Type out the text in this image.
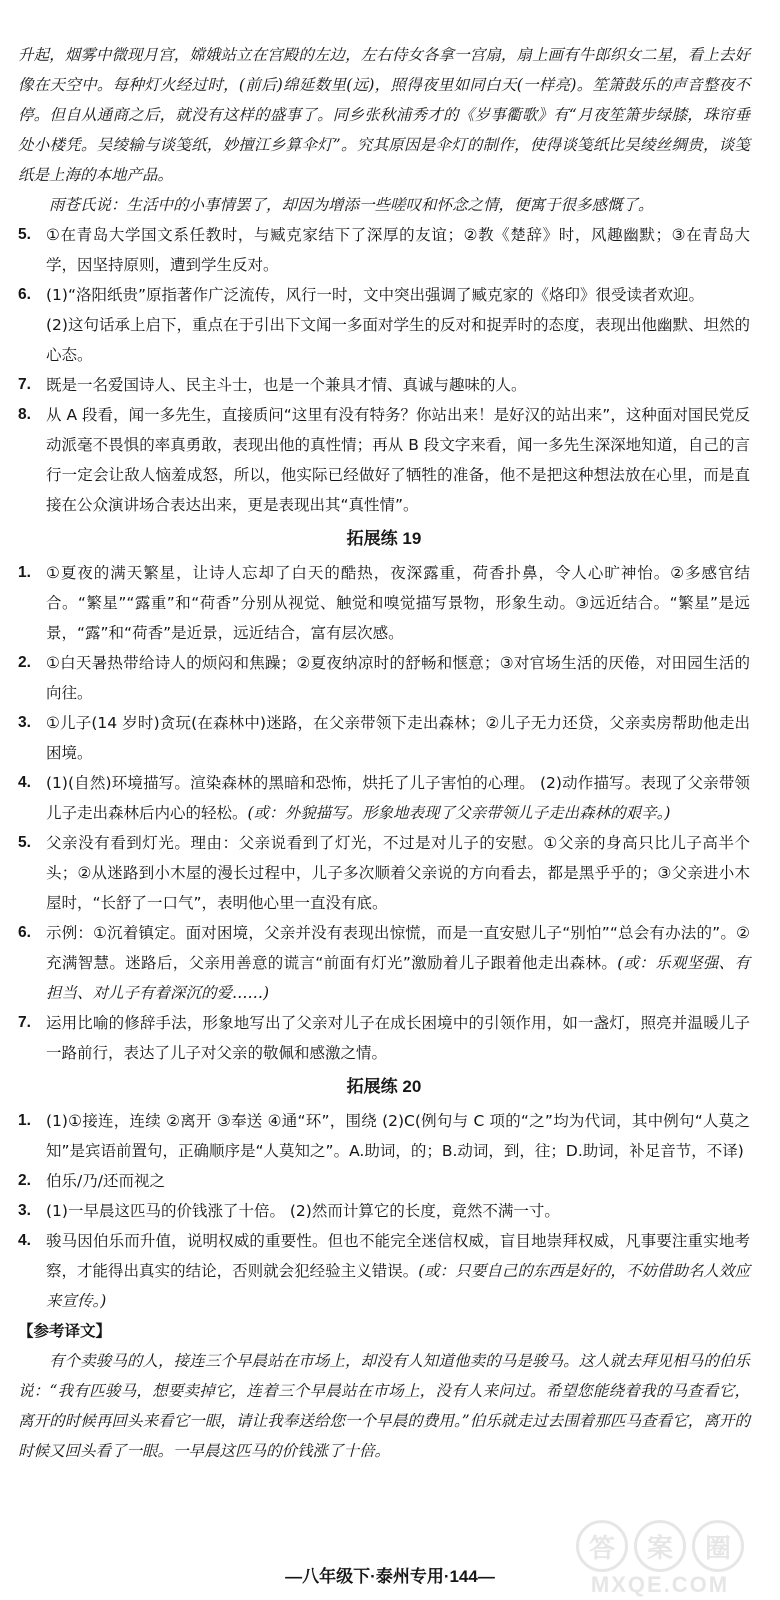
升起，烟雾中微现月宫，嫦娥站立在宫殿的左边，左右侍女各拿一宫扇，扇上画有牛郎织女二星，看上去好像在天空中。每种灯火经过时，(前后)绵延数里(远)，照得夜里如同白天(一样亮)。笙箫鼓乐的声音整夜不停。但自从通商之后，就没有这样的盛事了。同乡张秋浦秀才的《岁事衢歌》有“月夜笙箫步绿膝，珠帘垂处小楼凭。吴绫输与谈笺纸，妙擅江乡算伞灯”。究其原因是伞灯的制作，使得谈笺纸比吴绫丝绸贵，谈笺纸是上海的本地产品。

雨苍氏说：生活中的小事情罢了，却因为增添一些嗟叹和怀念之情，便寓于很多感慨了。

5. ①在青岛大学国文系任教时，与臧克家结下了深厚的友谊；②教《楚辞》时，风趣幽默；③在青岛大学，因坚持原则，遭到学生反对。
6. (1)“洛阳纸贵”原指著作广泛流传，风行一时，文中突出强调了臧克家的《烙印》很受读者欢迎。
(2)这句话承上启下，重点在于引出下文闻一多面对学生的反对和捉弄时的态度，表现出他幽默、坦然的心态。
7. 既是一名爱国诗人、民主斗士，也是一个兼具才情、真诚与趣味的人。
8. 从 A 段看，闻一多先生，直接质问“这里有没有特务？你站出来！是好汉的站出来”，这种面对国民党反动派毫不畏惧的率真勇敢，表现出他的真性情；再从 B 段文字来看，闻一多先生深深地知道，自己的言行一定会让敌人恼羞成怒，所以，他实际已经做好了牺牲的准备，他不是把这种想法放在心里，而是直接在公众演讲场合表达出来，更是表现出其“真性情”。
拓展练 19
1. ①夏夜的满天繁星，让诗人忘却了白天的酷热，夜深露重，荷香扑鼻，令人心旷神怡。②多感官结合。“繁星”“露重”和“荷香”分别从视觉、触觉和嗅觉描写景物，形象生动。③远近结合。“繁星”是远景，“露”和“荷香”是近景，远近结合，富有层次感。
2. ①白天暑热带给诗人的烦闷和焦躁；②夏夜纳凉时的舒畅和惬意；③对官场生活的厌倦，对田园生活的向往。
3. ①儿子(14 岁时)贪玩(在森林中)迷路，在父亲带领下走出森林；②儿子无力还贷，父亲卖房帮助他走出困境。
4. (1)(自然)环境描写。渲染森林的黑暗和恐怖，烘托了儿子害怕的心理。 (2)动作描写。表现了父亲带领儿子走出森林后内心的轻松。(或：外貌描写。形象地表现了父亲带领儿子走出森林的艰辛。)
5. 父亲没有看到灯光。理由：父亲说看到了灯光，不过是对儿子的安慰。①父亲的身高只比儿子高半个头；②从迷路到小木屋的漫长过程中，儿子多次顺着父亲说的方向看去，都是黑乎乎的；③父亲进小木屋时，“长舒了一口气”，表明他心里一直没有底。
6. 示例：①沉着镇定。面对困境，父亲并没有表现出惊慌，而是一直安慰儿子“别怕”“总会有办法的”。②充满智慧。迷路后，父亲用善意的谎言“前面有灯光”激励着儿子跟着他走出森林。(或：乐观坚强、有担当、对儿子有着深沉的爱……)
7. 运用比喻的修辞手法，形象地写出了父亲对儿子在成长困境中的引领作用，如一盏灯，照亮并温暖儿子一路前行，表达了儿子对父亲的敬佩和感激之情。
拓展练 20
1. (1)①接连，连续 ②离开 ③奉送 ④通“环”，围绕 (2)C(例句与 C 项的“之”均为代词，其中例句“人莫之知”是宾语前置句，正确顺序是“人莫知之”。A.助词，的；B.动词，到，往；D.助词，补足音节，不译)
2. 伯乐/乃/还而视之
3. (1)一早晨这匹马的价钱涨了十倍。 (2)然而计算它的长度，竟然不满一寸。
4. 骏马因伯乐而升值，说明权威的重要性。但也不能完全迷信权威，盲目地崇拜权威，凡事要注重实地考察，才能得出真实的结论，否则就会犯经验主义错误。(或：只要自己的东西是好的，不妨借助名人效应来宣传。)

【参考译文】

有个卖骏马的人，接连三个早晨站在市场上，却没有人知道他卖的马是骏马。这人就去拜见相马的伯乐说：“我有匹骏马，想要卖掉它，连着三个早晨站在市场上，没有人来问过。希望您能绕着我的马查看它，离开的时候再回头来看它一眼，请让我奉送给您一个早晨的费用。”伯乐就走过去围着那匹马查看它，离开的时候又回头看了一眼。一早晨这匹马的价钱涨了十倍。

—八年级下·泰州专用·144—
答	案	圈
MXQE.COM
